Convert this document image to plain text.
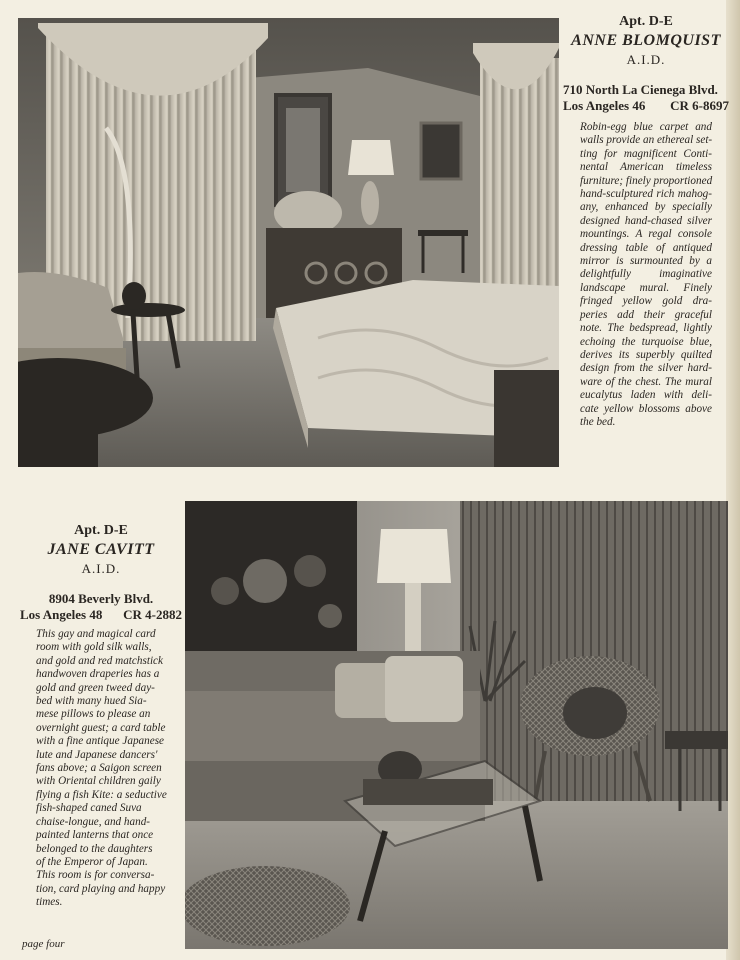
Apt. D-E
ANNE BLOMQUIST
A.I.D.
710 North La Cienega Blvd.
Los Angeles 46 CR 6-8697
Robin-egg blue carpet and
walls provide an ethereal set-
ting for magnificent Conti-
nental American timeless
furniture; finely proportioned
hand-sculptured rich mahog-
any, enhanced by specially
designed hand-chased silver
mountings. A regal console
dressing table of antiqued
mirror is surmounted by a
delightfully imaginative
landscape mural. Finely
fringed yellow gold dra-
peries add their graceful
note. The bedspread, lightly
echoing the turquoise blue,
derives its superbly quilted
design from the silver hard-
ware of the chest. The mural
eucalytus laden with deli-
cate yellow blossoms above
the bed.
Apt. D-E
JANE CAVITT
A.I.D.
8904 Beverly Blvd.
Los Angeles 48 CR 4-2882
This gay and magical card
room with gold silk walls,
and gold and red matchstick
handwoven draperies has a
gold and green tweed day-
bed with many hued Sia-
mese pillows to please an
overnight guest; a card table
with a fine antique Japanese
lute and Japanese dancers'
fans above; a Saigon screen
with Oriental children gaily
flying a fish Kite: a seductive
fish-shaped caned Suva
chaise-longue, and hand-
painted lanterns that once
belonged to the daughters
of the Emperor of Japan.
This room is for conversa-
tion, card playing and happy
times.
page four
